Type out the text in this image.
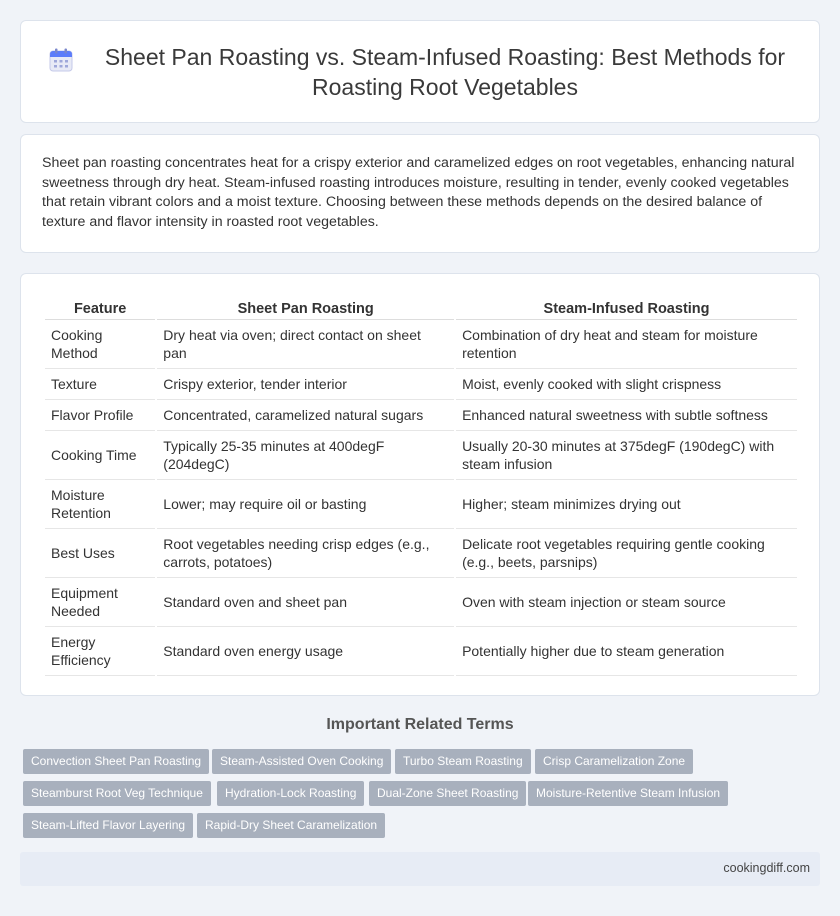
Sheet Pan Roasting vs. Steam-Infused Roasting: Best Methods for Roasting Root Vegetables

Sheet pan roasting concentrates heat for a crispy exterior and caramelized edges on root vegetables, enhancing natural sweetness through dry heat. Steam-infused roasting introduces moisture, resulting in tender, evenly cooked vegetables that retain vibrant colors and a moist texture. Choosing between these methods depends on the desired balance of texture and flavor intensity in roasted root vegetables.

Feature	Sheet Pan Roasting	Steam-Infused Roasting
Cooking Method	Dry heat via oven; direct contact on sheet pan	Combination of dry heat and steam for moisture retention
Texture	Crispy exterior, tender interior	Moist, evenly cooked with slight crispness
Flavor Profile	Concentrated, caramelized natural sugars	Enhanced natural sweetness with subtle softness
Cooking Time	Typically 25-35 minutes at 400degF (204degC)	Usually 20-30 minutes at 375degF (190degC) with steam infusion
Moisture Retention	Lower; may require oil or basting	Higher; steam minimizes drying out
Best Uses	Root vegetables needing crisp edges (e.g., carrots, potatoes)	Delicate root vegetables requiring gentle cooking (e.g., beets, parsnips)
Equipment Needed	Standard oven and sheet pan	Oven with steam injection or steam source
Energy Efficiency	Standard oven energy usage	Potentially higher due to steam generation
Important Related Terms
Convection Sheet Pan Roasting	Steam-Assisted Oven Cooking	Turbo Steam Roasting	Crisp Caramelization Zone
Steamburst Root Veg Technique	Hydration-Lock Roasting	Dual-Zone Sheet Roasting	Moisture-Retentive Steam Infusion
Steam-Lifted Flavor Layering	Rapid-Dry Sheet Caramelization
cookingdiff.com
